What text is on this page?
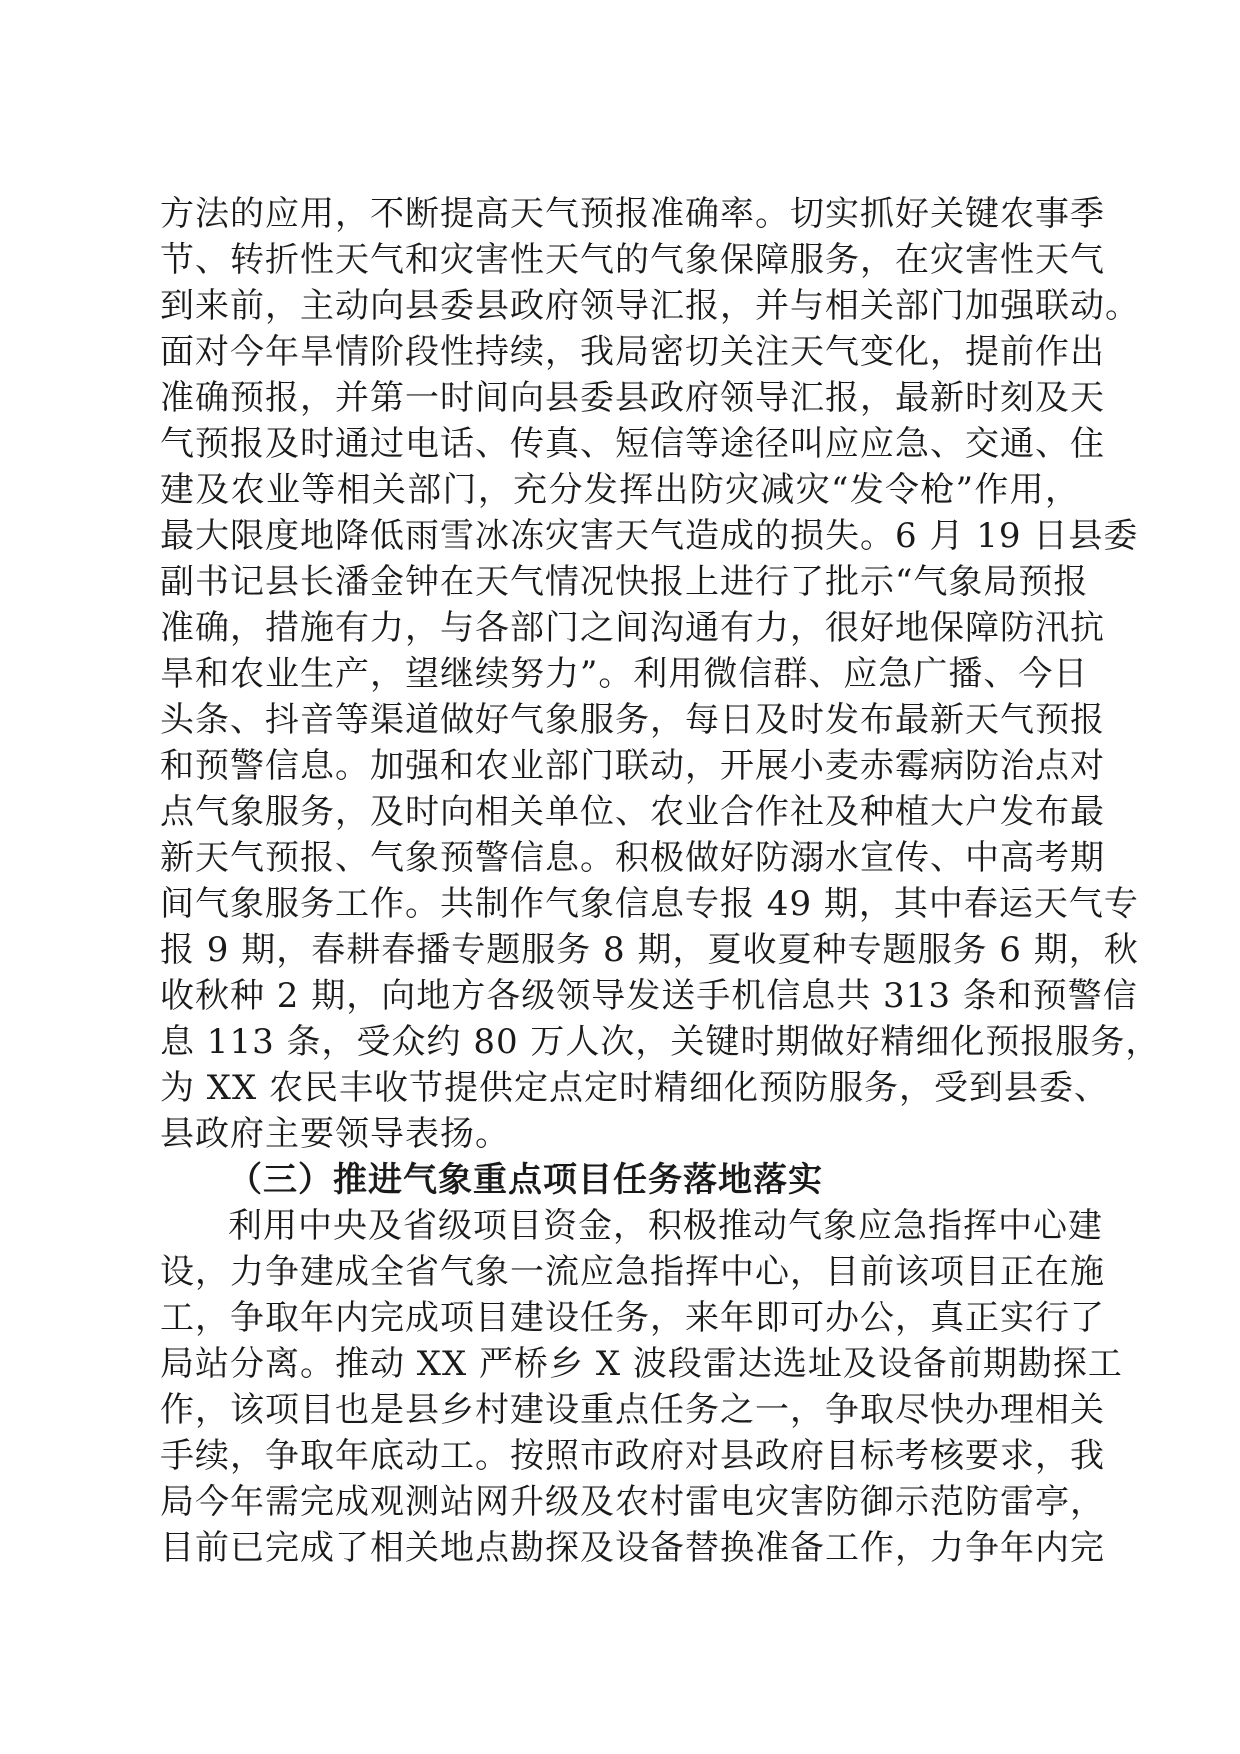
方法的应用，不断提高天气预报准确率。切实抓好关键农事季
节、转折性天气和灾害性天气的气象保障服务，在灾害性天气
到来前，主动向县委县政府领导汇报，并与相关部门加强联动。
面对今年旱情阶段性持续，我局密切关注天气变化，提前作出
准确预报，并第一时间向县委县政府领导汇报，最新时刻及天
气预报及时通过电话、传真、短信等途径叫应应急、交通、住
建及农业等相关部门，充分发挥出防灾减灾“发令枪”作用，
最大限度地降低雨雪冰冻灾害天气造成的损失。6 月 19 日县委
副书记县长潘金钟在天气情况快报上进行了批示“气象局预报
准确，措施有力，与各部门之间沟通有力，很好地保障防汛抗
旱和农业生产，望继续努力”。利用微信群、应急广播、今日
头条、抖音等渠道做好气象服务，每日及时发布最新天气预报
和预警信息。加强和农业部门联动，开展小麦赤霉病防治点对
点气象服务，及时向相关单位、农业合作社及种植大户发布最
新天气预报、气象预警信息。积极做好防溺水宣传、中高考期
间气象服务工作。共制作气象信息专报 49 期，其中春运天气专
报 9 期，春耕春播专题服务 8 期，夏收夏种专题服务 6 期，秋
收秋种 2 期，向地方各级领导发送手机信息共 313 条和预警信
息 113 条，受众约 80 万人次，关键时期做好精细化预报服务，
为 XX 农民丰收节提供定点定时精细化预防服务，受到县委、
县政府主要领导表扬。
（三）推进气象重点项目任务落地落实
利用中央及省级项目资金，积极推动气象应急指挥中心建
设，力争建成全省气象一流应急指挥中心，目前该项目正在施
工，争取年内完成项目建设任务，来年即可办公，真正实行了
局站分离。推动 XX 严桥乡 X 波段雷达选址及设备前期勘探工
作，该项目也是县乡村建设重点任务之一，争取尽快办理相关
手续，争取年底动工。按照市政府对县政府目标考核要求，我
局今年需完成观测站网升级及农村雷电灾害防御示范防雷亭，
目前已完成了相关地点勘探及设备替换准备工作，力争年内完
